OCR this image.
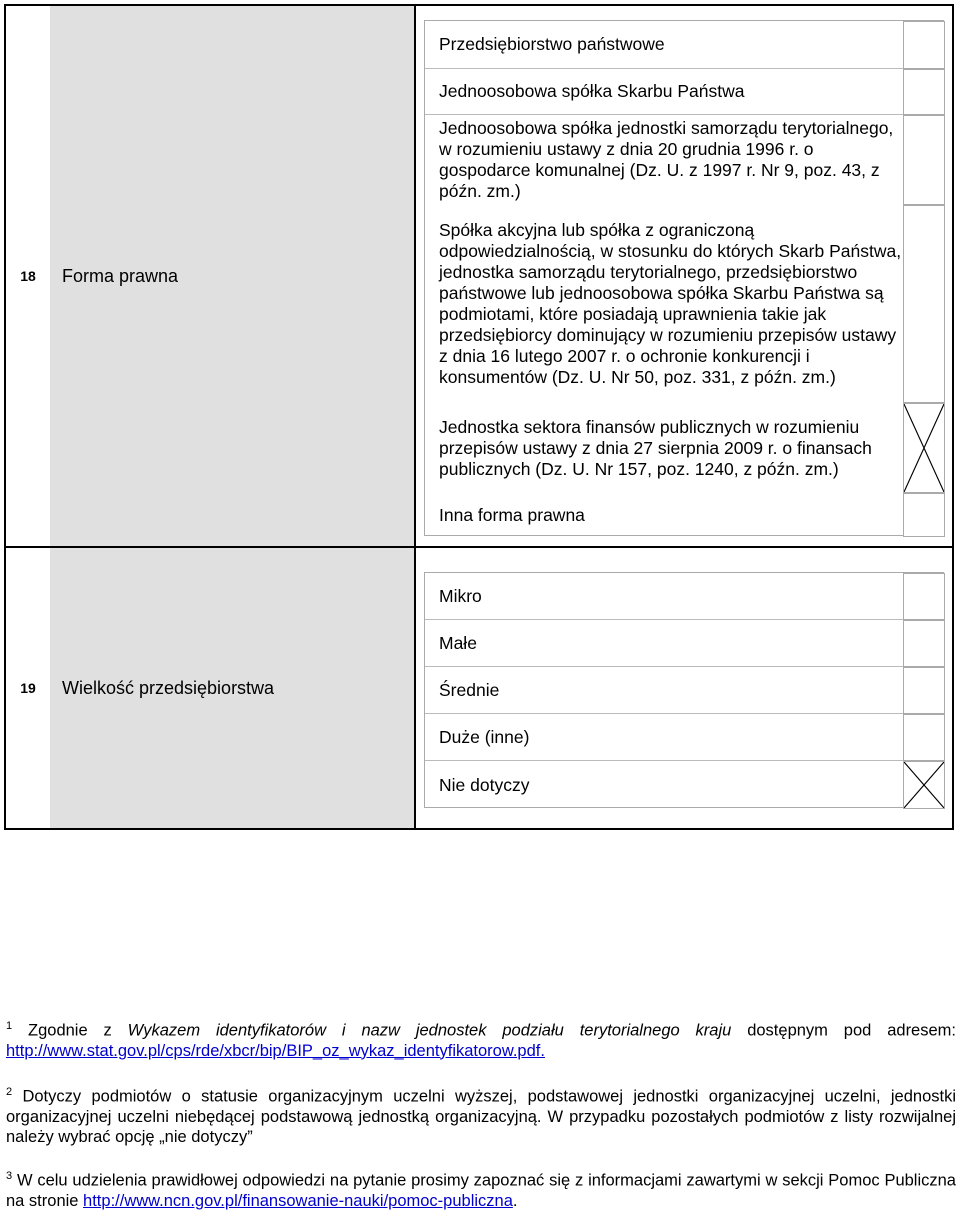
18	Forma prawna
Przedsiębiorstwo państwowe
Jednoosobowa spółka Skarbu Państwa
Jednoosobowa spółka jednostki samorządu terytorialnego, w rozumieniu ustawy z dnia 20 grudnia 1996 r. o gospodarce komunalnej (Dz. U. z 1997 r. Nr 9, poz. 43, z późn. zm.)
Spółka akcyjna lub spółka z ograniczoną odpowiedzialnością, w stosunku do których Skarb Państwa, jednostka samorządu terytorialnego, przedsiębiorstwo państwowe lub jednoosobowa spółka Skarbu Państwa są podmiotami, które posiadają uprawnienia takie jak przedsiębiorcy dominujący w rozumieniu przepisów ustawy z dnia 16 lutego 2007 r. o ochronie konkurencji i konsumentów (Dz. U. Nr 50, poz. 331, z późn. zm.)
Jednostka sektora finansów publicznych w rozumieniu przepisów ustawy z dnia 27 sierpnia 2009 r. o finansach publicznych (Dz. U. Nr 157, poz. 1240, z późn. zm.)
Inna forma prawna
19	Wielkość przedsiębiorstwa
Mikro
Małe
Średnie
Duże (inne)
Nie dotyczy
$^1$ Zgodnie z Wykazem identyfikatorów i nazw jednostek podziału terytorialnego kraju dostępnym pod adresem: http://www.stat.gov.pl/cps/rde/xbcr/bip/BIP_oz_wykaz_identyfikatorow.pdf.
$^2$ Dotyczy podmiotów o statusie organizacyjnym uczelni wyższej, podstawowej jednostki organizacyjnej uczelni, jednostki organizacyjnej uczelni niebędącej podstawową jednostką organizacyjną. W przypadku pozostałych podmiotów z listy rozwijalnej należy wybrać opcję „nie dotyczy”
$^3$ W celu udzielenia prawidłowej odpowiedzi na pytanie prosimy zapoznać się z informacjami zawartymi w sekcji Pomoc Publiczna na stronie http://www.ncn.gov.pl/finansowanie-nauki/pomoc-publiczna.
